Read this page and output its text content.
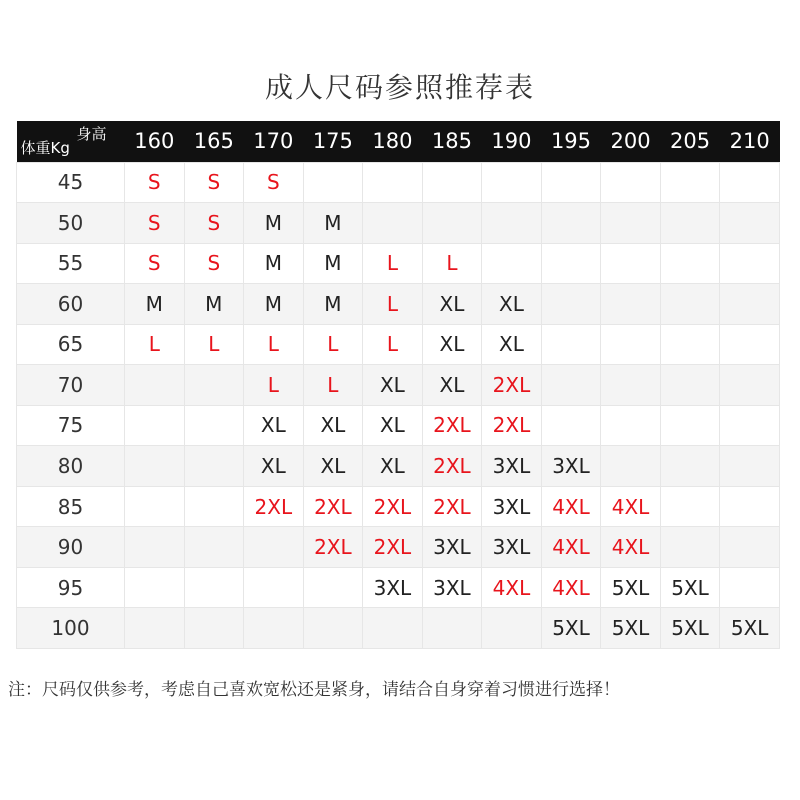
成人尺码参照推荐表
身高
体重Kg	160	165	170	175	180	185	190	195	200	205	210
45	S	S	S								
50	S	S	M	M							
55	S	S	M	M	L	L					
60	M	M	M	M	L	XL	XL				
65	L	L	L	L	L	XL	XL				
70			L	L	XL	XL	2XL				
75			XL	XL	XL	2XL	2XL				
80			XL	XL	XL	2XL	3XL	3XL			
85			2XL	2XL	2XL	2XL	3XL	4XL	4XL		
90				2XL	2XL	3XL	3XL	4XL	4XL		
95					3XL	3XL	4XL	4XL	5XL	5XL	
100								5XL	5XL	5XL	5XL
注：尺码仅供参考，考虑自己喜欢宽松还是紧身，请结合自身穿着习惯进行选择！
